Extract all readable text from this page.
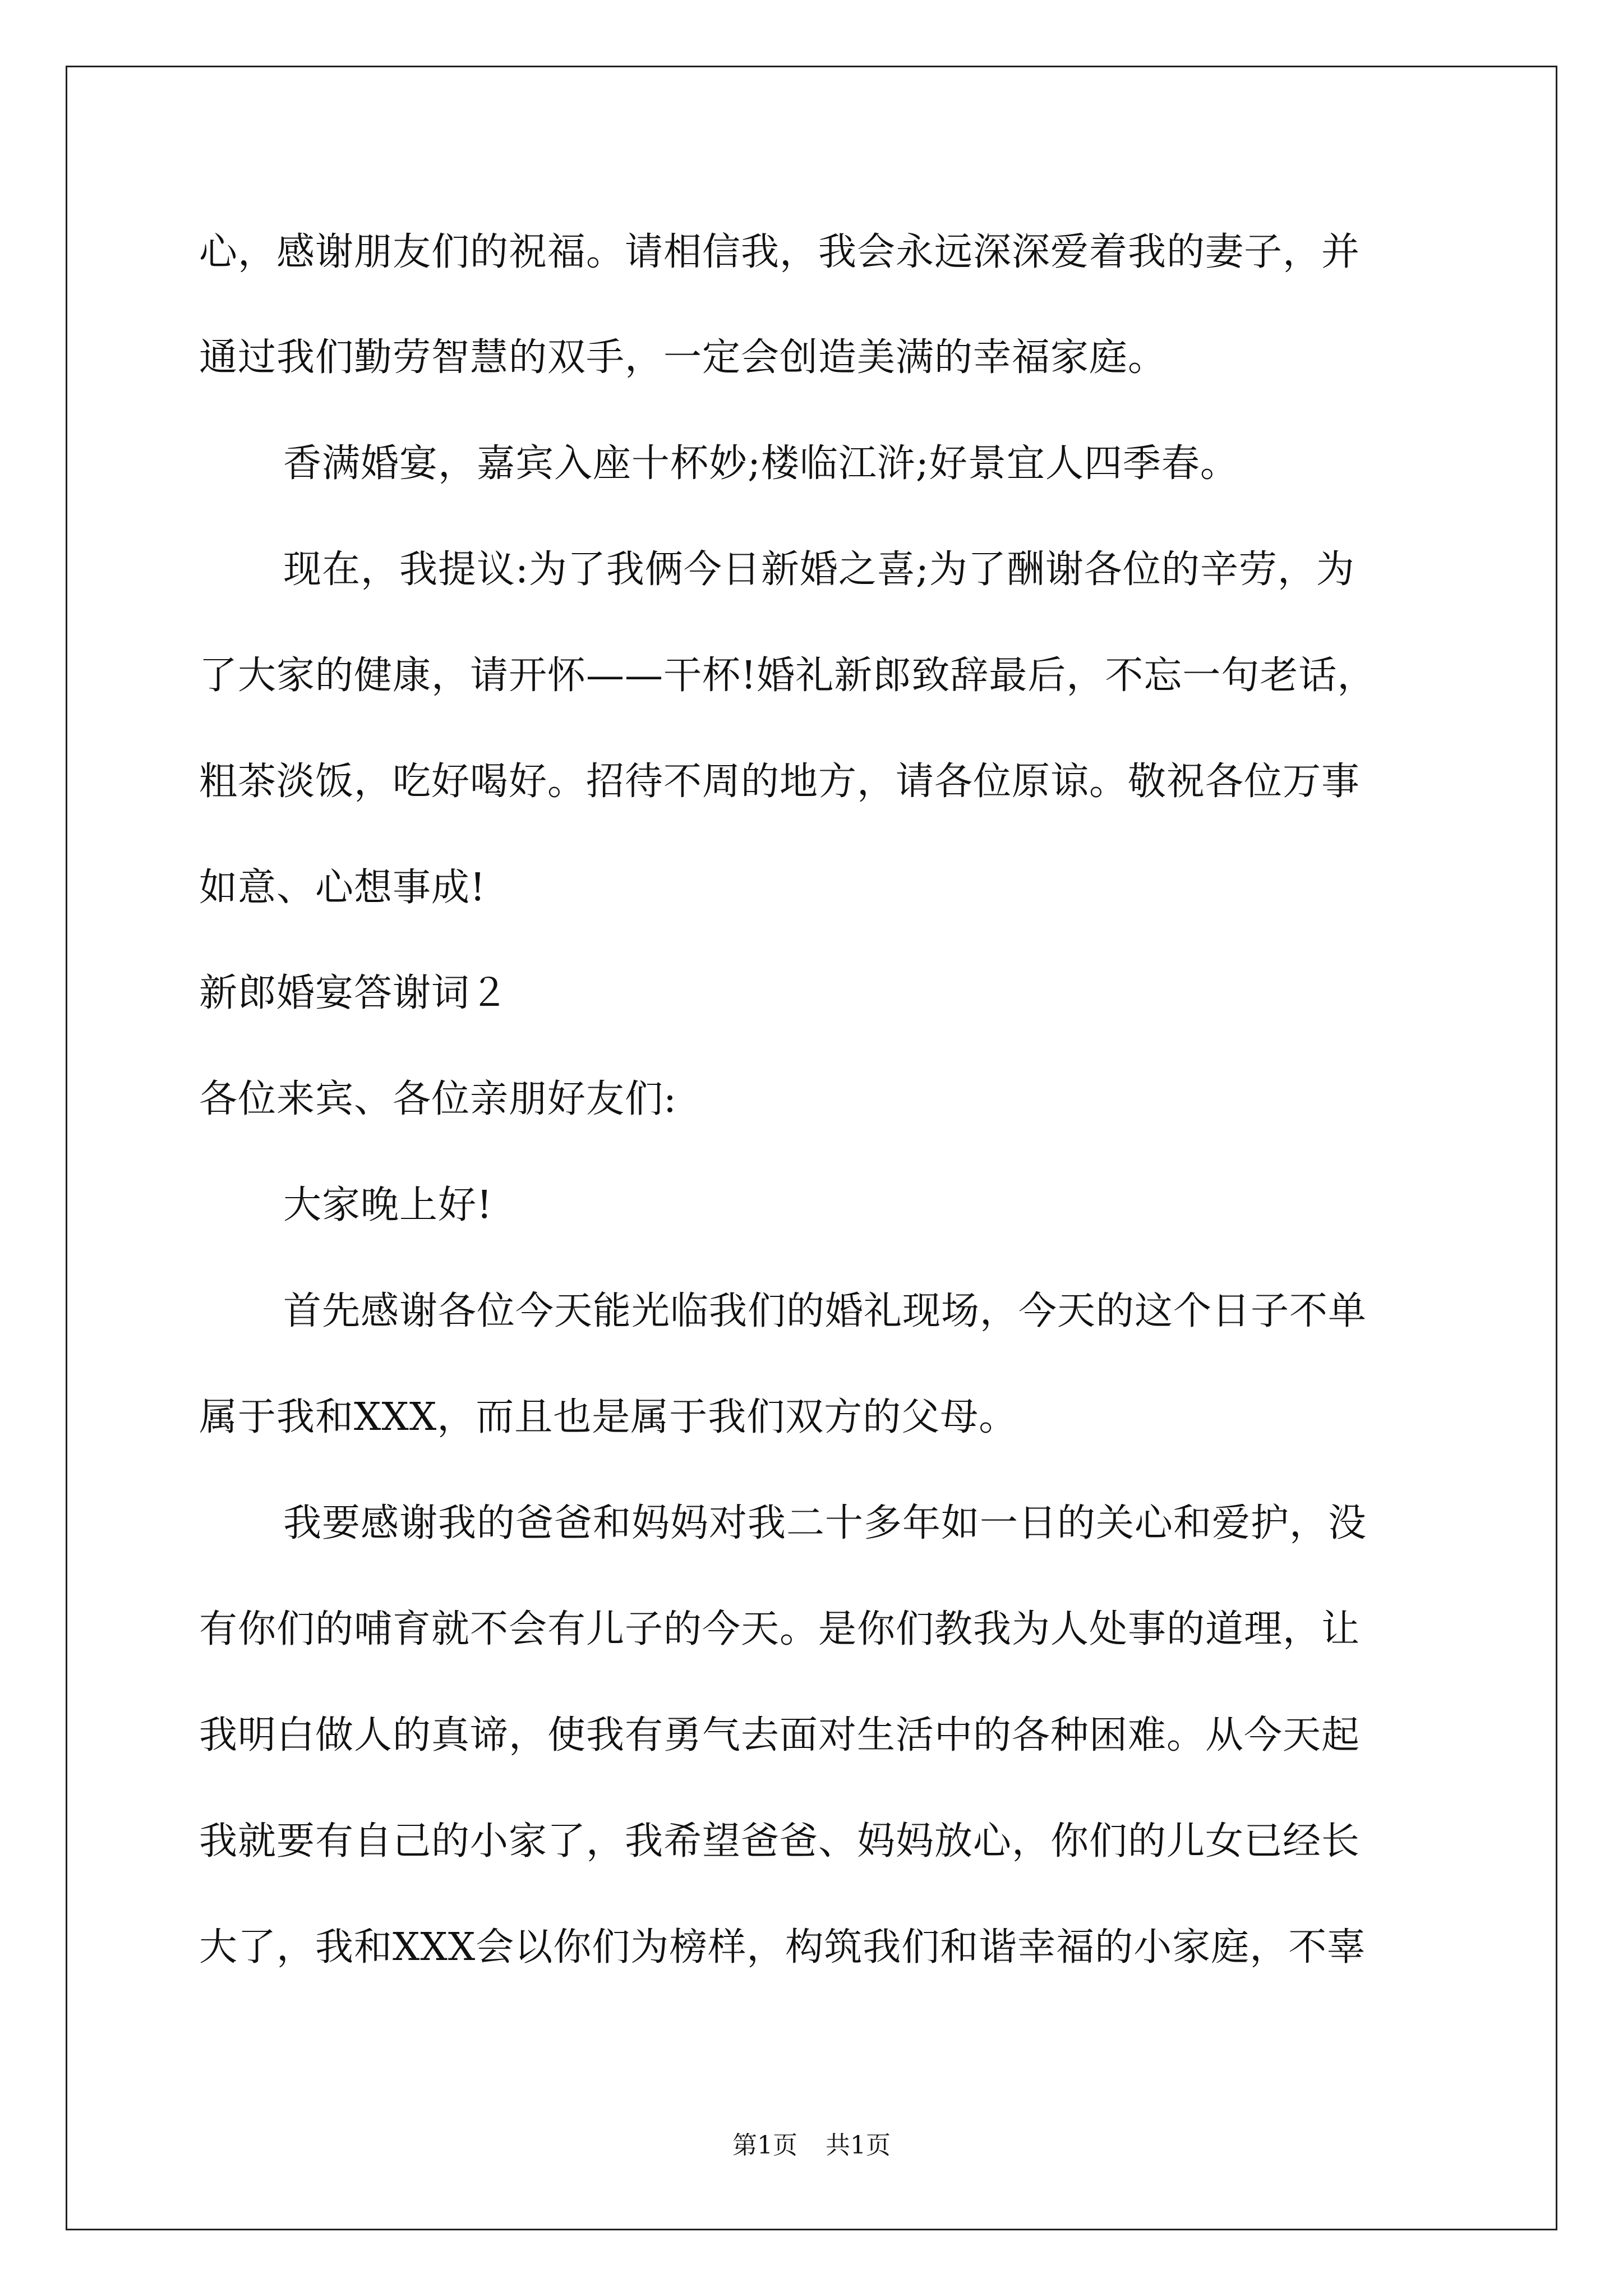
心，感谢朋友们的祝福。请相信我，我会永远深深爱着我的妻子，并
通过我们勤劳智慧的双手，一定会创造美满的幸福家庭。
香满婚宴，嘉宾入座十杯妙;楼临江浒;好景宜人四季春。
现在，我提议:为了我俩今日新婚之喜;为了酬谢各位的辛劳，为
了大家的健康，请开怀——干杯!婚礼新郎致辞最后，不忘一句老话，
粗茶淡饭，吃好喝好。招待不周的地方，请各位原谅。敬祝各位万事
如意、心想事成!
新郎婚宴答谢词２
各位来宾、各位亲朋好友们:
大家晚上好!
首先感谢各位今天能光临我们的婚礼现场，今天的这个日子不单
属于我和XXX，而且也是属于我们双方的父母。
我要感谢我的爸爸和妈妈对我二十多年如一日的关心和爱护，没
有你们的哺育就不会有儿子的今天。是你们教我为人处事的道理，让
我明白做人的真谛，使我有勇气去面对生活中的各种困难。从今天起
我就要有自己的小家了，我希望爸爸、妈妈放心，你们的儿女已经长
大了，我和XXX会以你们为榜样，构筑我们和谐幸福的小家庭，不辜
第1页 共1页
